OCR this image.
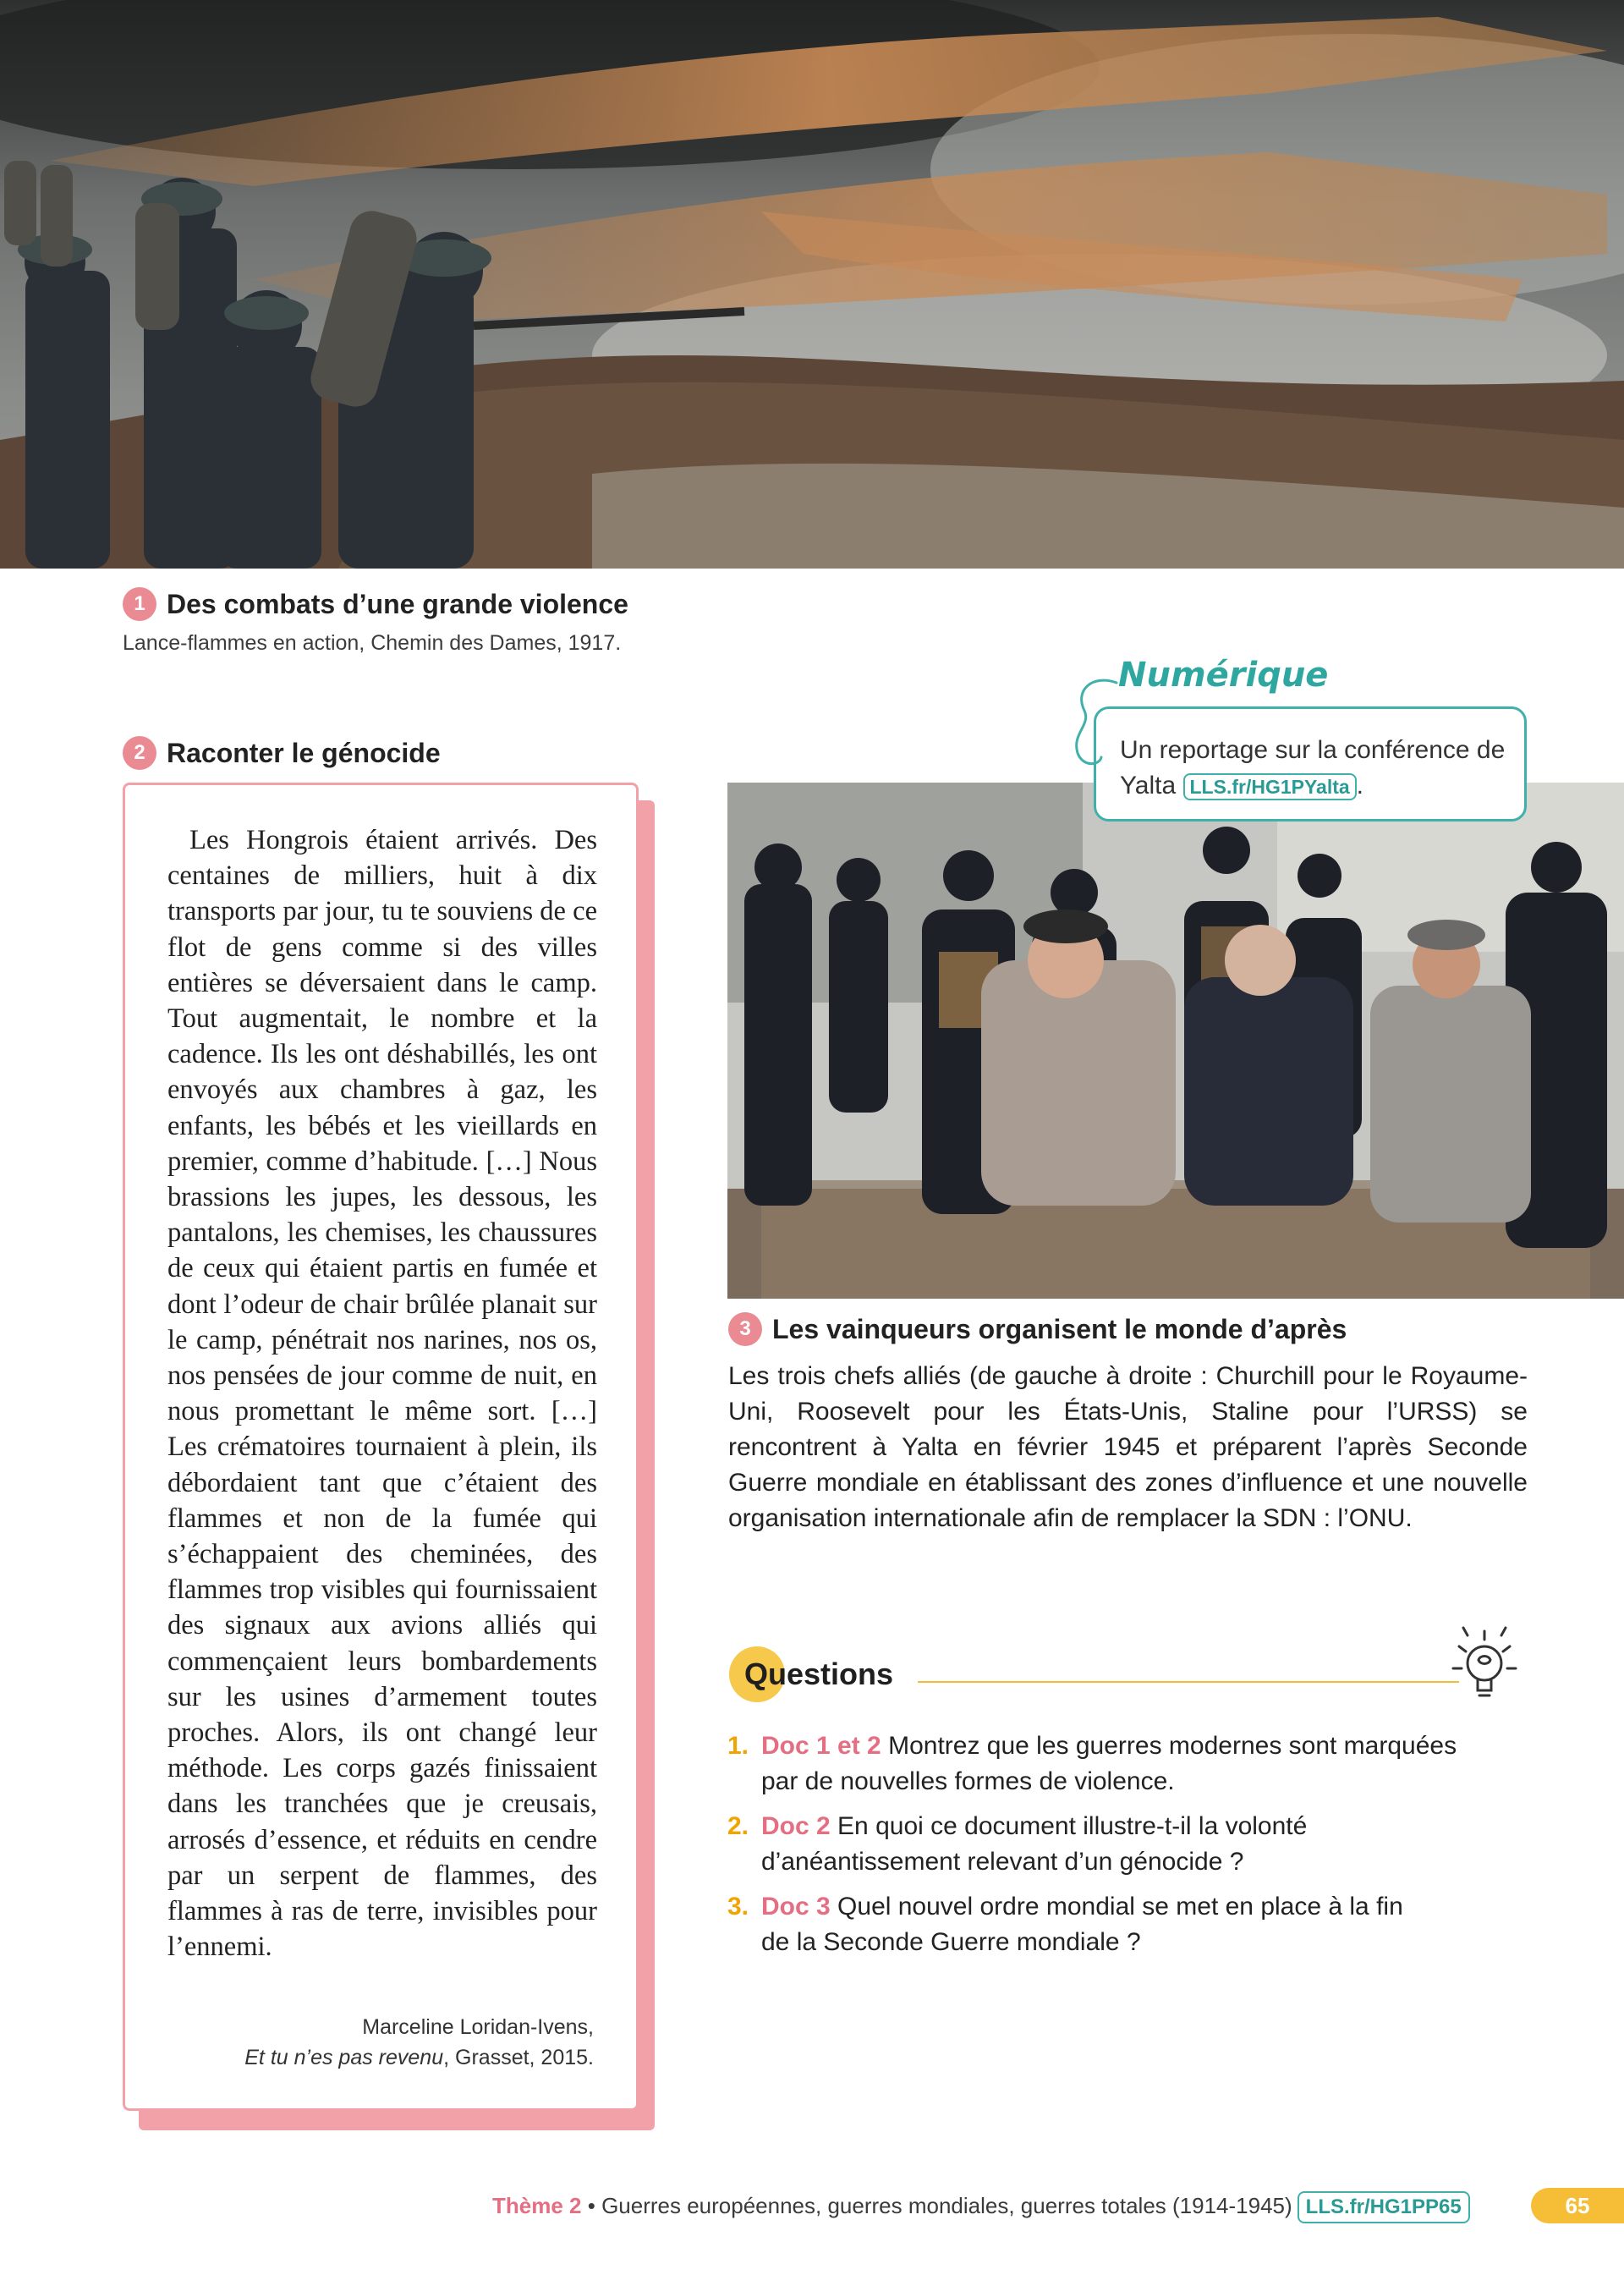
1 Des combats d’une grande violence
Lance-flammes en action, Chemin des Dames, 1917.
2 Raconter le génocide

Les Hongrois étaient arrivés. Des centaines de milliers, huit à dix transports par jour, tu te souviens de ce flot de gens comme si des villes entières se déversaient dans le camp. Tout augmentait, le nombre et la cadence. Ils les ont déshabillés, les ont envoyés aux chambres à gaz, les enfants, les bébés et les vieillards en premier, comme d’habitude. […] Nous brassions les jupes, les dessous, les pantalons, les chemises, les chaussures de ceux qui étaient partis en fumée et dont l’odeur de chair brûlée planait sur le camp, pénétrait nos narines, nos os, nos pensées de jour comme de nuit, en nous promettant le même sort. […] Les crématoires tournaient à plein, ils débordaient tant que c’étaient des flammes et non de la fumée qui s’échappaient des cheminées, des flammes trop visibles qui fournissaient des signaux aux avions alliés qui commençaient leurs bombardements sur les usines d’armement toutes proches. Alors, ils ont changé leur méthode. Les corps gazés finissaient dans les tranchées que je creusais, arrosés d’essence, et réduits en cendre par un serpent de flammes, des flammes à ras de terre, invisibles pour l’ennemi.

Marceline Loridan-Ivens,
Et tu n’es pas revenu, Grasset, 2015.
Numérique
Un reportage sur la conférence de Yalta LLS.fr/HG1PYalta .
3 Les vainqueurs organisent le monde d’après
Les trois chefs alliés (de gauche à droite : Churchill pour le Royaume-Uni, Roosevelt pour les États-Unis, Staline pour l’URSS) se rencontrent à Yalta en février 1945 et préparent l’après Seconde Guerre mondiale en établissant des zones d’influence et une nouvelle organisation internationale afin de remplacer la SDN : l’ONU.
Questions
1. Doc 1 et 2 Montrez que les guerres modernes sont marquées
par de nouvelles formes de violence.
2. Doc 2 En quoi ce document illustre-t-il la volonté
d’anéantissement relevant d’un génocide ?
3. Doc 3 Quel nouvel ordre mondial se met en place à la fin
de la Seconde Guerre mondiale ?
Thème 2 • Guerres européennes, guerres mondiales, guerres totales (1914-1945) LLS.fr/HG1PP65	65
